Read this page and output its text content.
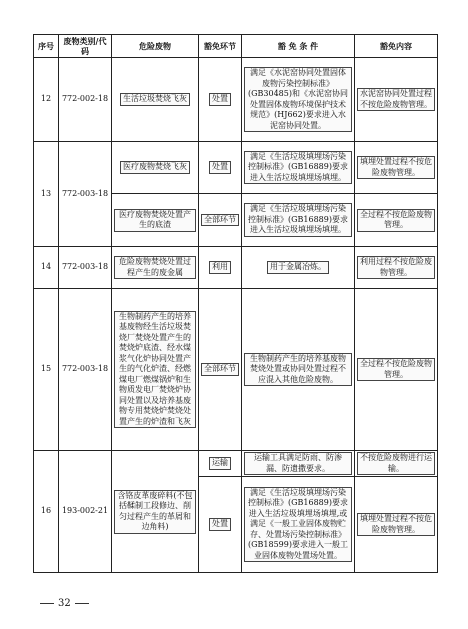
序号	废物类别/代码	危险废物	豁免环节	豁 免 条 件	豁免内容
12	772-002-18	生活垃圾焚烧飞灰	处置	满足《水泥窑协同处置固体废物污染控制标准》(GB30485)和《水泥窑协同处置固体废物环境保护技术规范》(HJ662)要求进入水泥窑协同处置。	水泥窑协同处置过程不按危险废物管理。

13	772-003-18	医疗废物焚烧飞灰	处置	满足《生活垃圾填埋场污染控制标准》(GB16889)要求进入生活垃圾填埋场填埋。	填埋处置过程不按危险废物管理。

		医疗废物焚烧处置产生的底渣	全部环节	满足《生活垃圾填埋场污染控制标准》(GB16889)要求进入生活垃圾填埋场填埋。	全过程不按危险废物管理。

14	772-003-18	危险废物焚烧处置过程产生的废金属	利用	用于金属冶炼。	利用过程不按危险废物管理。

15	772-003-18	生物制药产生的培养基废物经生活垃圾焚烧厂焚烧处置产生的焚烧炉底渣、经水煤浆气化炉协同处置产生的气化炉渣、经燃煤电厂燃煤锅炉和生物质发电厂焚烧炉协同处置以及培养基废物专用焚烧炉焚烧处置产生的炉渣和飞灰	全部环节	生物制药产生的培养基废物焚烧处置或协同处置过程不应混入其他危险废物。	全过程不按危险废物管理。

16	193-002-21	含铬皮革废碎料(不包括鞣制工段修边、削匀过程产生的革屑和边角料)	运输	运输工具满足防雨、防渗漏、防遗撒要求。	不按危险废物进行运输。

			处置	满足《生活垃圾填埋场污染控制标准》(GB16889)要求进入生活垃圾填埋场填埋,或满足《一般工业固体废物贮存、处置场污染控制标准》(GB18599)要求进入一般工业固体废物处置场处置。	填埋处置过程不按危险废物管理。
32
